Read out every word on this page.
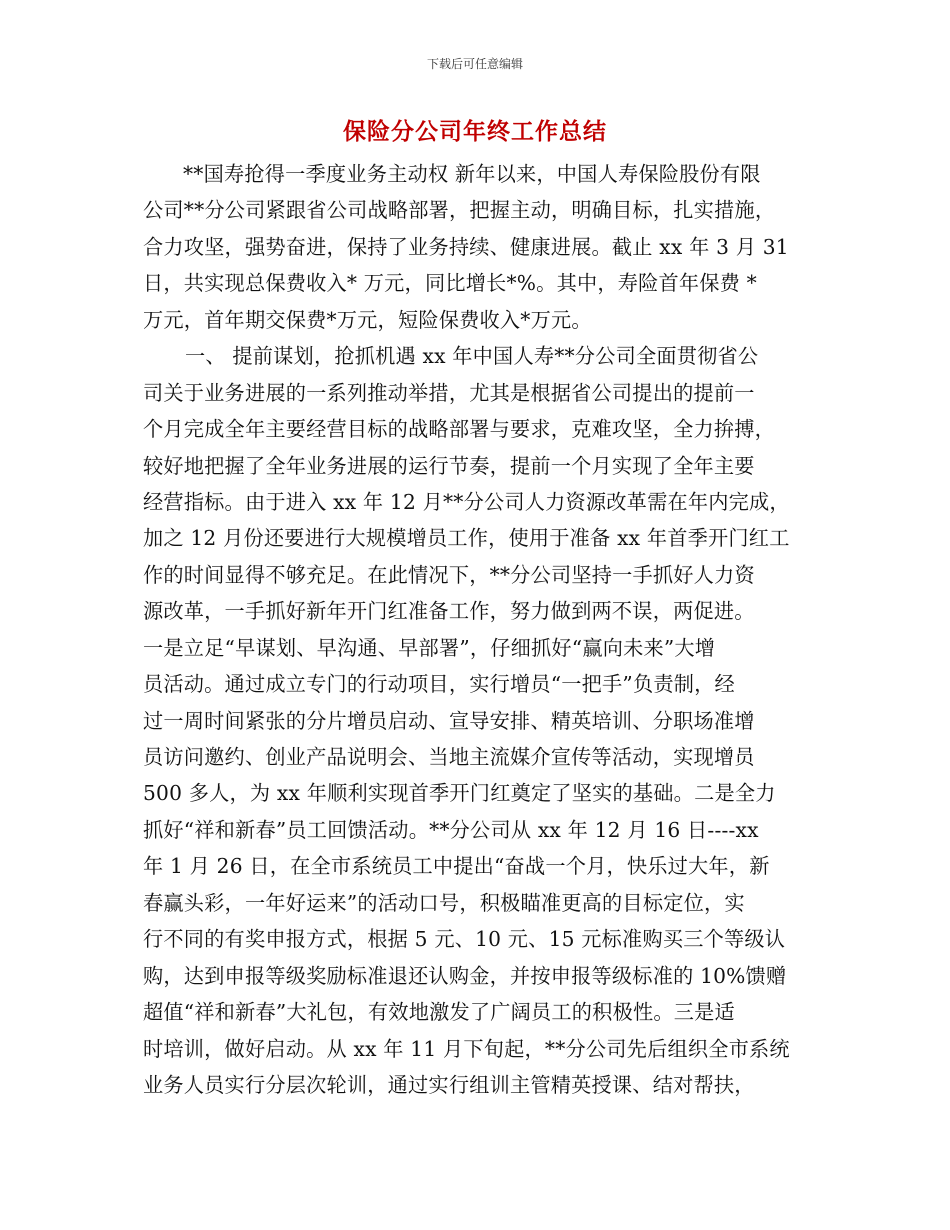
下载后可任意编辑
保险分公司年终工作总结
**国寿抢得一季度业务主动权 新年以来，中国人寿保险股份有限
公司**分公司紧跟省公司战略部署，把握主动，明确目标，扎实措施，
合力攻坚，强势奋进，保持了业务持续、健康进展。截止 xx 年 3 月 31
日，共实现总保费收入* 万元，同比增长*%。其中，寿险首年保费 *
万元，首年期交保费*万元，短险保费收入*万元。
一、 提前谋划，抢抓机遇 xx 年中国人寿**分公司全面贯彻省公
司关于业务进展的一系列推动举措，尤其是根据省公司提出的提前一
个月完成全年主要经营目标的战略部署与要求，克难攻坚，全力拚搏，
较好地把握了全年业务进展的运行节奏，提前一个月实现了全年主要
经营指标。由于进入 xx 年 12 月**分公司人力资源改革需在年内完成，
加之 12 月份还要进行大规模增员工作，使用于准备 xx 年首季开门红工
作的时间显得不够充足。在此情况下，**分公司坚持一手抓好人力资
源改革，一手抓好新年开门红准备工作，努力做到两不误，两促进。
一是立足“早谋划、早沟通、早部署”，仔细抓好“赢向未来”大增
员活动。通过成立专门的行动项目，实行增员“一把手”负责制，经
过一周时间紧张的分片增员启动、宣导安排、精英培训、分职场准增
员访问邀约、创业产品说明会、当地主流媒介宣传等活动，实现增员
500 多人，为 xx 年顺利实现首季开门红奠定了坚实的基础。二是全力
抓好“祥和新春”员工回馈活动。**分公司从 xx 年 12 月 16 日----xx
年 1 月 26 日，在全市系统员工中提出“奋战一个月，快乐过大年，新
春赢头彩，一年好运来”的活动口号，积极瞄准更高的目标定位，实
行不同的有奖申报方式，根据 5 元、10 元、15 元标准购买三个等级认
购，达到申报等级奖励标准退还认购金，并按申报等级标准的 10%馈赠
超值“祥和新春”大礼包，有效地激发了广阔员工的积极性。三是适
时培训，做好启动。从 xx 年 11 月下旬起，**分公司先后组织全市系统
业务人员实行分层次轮训，通过实行组训主管精英授课、结对帮扶，
